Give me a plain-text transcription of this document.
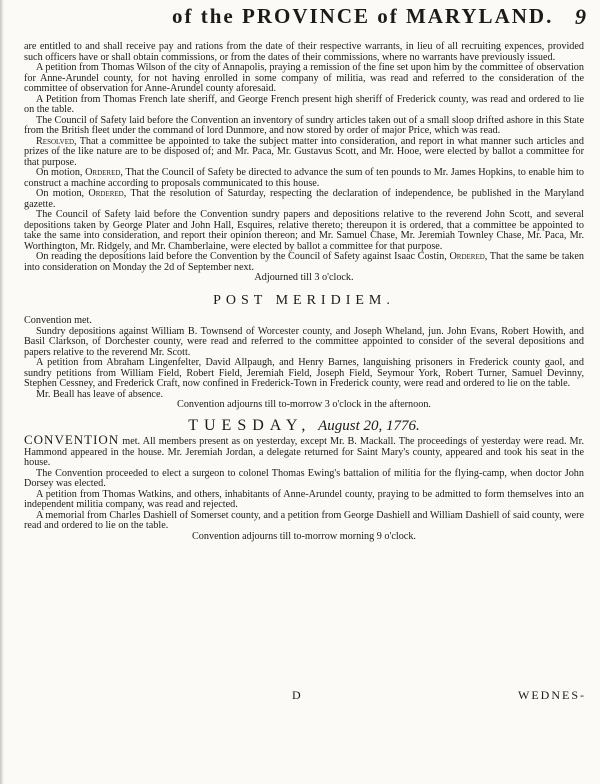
of the PROVINCE of MARYLAND. 9

are entitled to and shall receive pay and rations from the date of their respective warrants, in lieu of all recruiting expences, provided such officers have or shall obtain commissions, or from the dates of their commissions, where no warrants have previously issued.

A petition from Thomas Wilson of the city of Annapolis, praying a remission of the fine set upon him by the committee of observation for Anne-Arundel county, for not having enrolled in some company of militia, was read and referred to the consideration of the committee of observation for Anne-Arundel county aforesaid.

A Petition from Thomas French late sheriff, and George French present high sheriff of Frederick county, was read and ordered to lie on the table.

The Council of Safety laid before the Convention an inventory of sundry articles taken out of a small sloop drifted ashore in this State from the British fleet under the command of lord Dunmore, and now stored by order of major Price, which was read.

Resolved, That a committee be appointed to take the subject matter into consideration, and report in what manner such articles and prizes of the like nature are to be disposed of; and Mr. Paca, Mr. Gustavus Scott, and Mr. Hooe, were elected by ballot a committee for that purpose.

On motion, Ordered, That the Council of Safety be directed to advance the sum of ten pounds to Mr. James Hopkins, to enable him to construct a machine according to proposals communicated to this house.

On motion, Ordered, That the resolution of Saturday, respecting the declaration of independence, be published in the Maryland gazette.

The Council of Safety laid before the Convention sundry papers and depositions relative to the reverend John Scott, and several depositions taken by George Plater and John Hall, Esquires, relative thereto; thereupon it is ordered, that a committee be appointed to take the same into consideration, and report their opinion thereon; and Mr. Samuel Chase, Mr. Jeremiah Townley Chase, Mr. Paca, Mr. Worthington, Mr. Ridgely, and Mr. Chamberlaine, were elected by ballot a committee for that purpose.

On reading the depositions laid before the Convention by the Council of Safety against Isaac Costin, Ordered, That the same be taken into consideration on Monday the 2d of September next.

Adjourned till 3 o'clock.

POST MERIDIEM.

Convention met.

Sundry depositions against William B. Townsend of Worcester county, and Joseph Wheland, jun. John Evans, Robert Howith, and Basil Clarkson, of Dorchester county, were read and referred to the committee appointed to consider of the several depositions and papers relative to the reverend Mr. Scott.

A petition from Abraham Lingenfelter, David Allpaugh, and Henry Barnes, languishing prisoners in Frederick county gaol, and sundry petitions from William Field, Robert Field, Jeremiah Field, Joseph Field, Seymour York, Robert Turner, Samuel Devinny, Stephen Cessney, and Frederick Craft, now confined in Frederick-Town in Frederick county, were read and ordered to lie on the table.

Mr. Beall has leave of absence.

Convention adjourns till to-morrow 3 o'clock in the afternoon.

TUESDAY, August 20, 1776.

CONVENTION met. All members present as on yesterday, except Mr. B. Mackall. The proceedings of yesterday were read. Mr. Hammond appeared in the house. Mr. Jeremiah Jordan, a delegate returned for Saint Mary's county, appeared and took his seat in the house.

The Convention proceeded to elect a surgeon to colonel Thomas Ewing's battalion of militia for the flying-camp, when doctor John Dorsey was elected.

A petition from Thomas Watkins, and others, inhabitants of Anne-Arundel county, praying to be admitted to form themselves into an independent militia company, was read and rejected.

A memorial from Charles Dashiell of Somerset county, and a petition from George Dashiell and William Dashiell of said county, were read and ordered to lie on the table.

Convention adjourns till to-morrow morning 9 o'clock.

D	WEDNES-
